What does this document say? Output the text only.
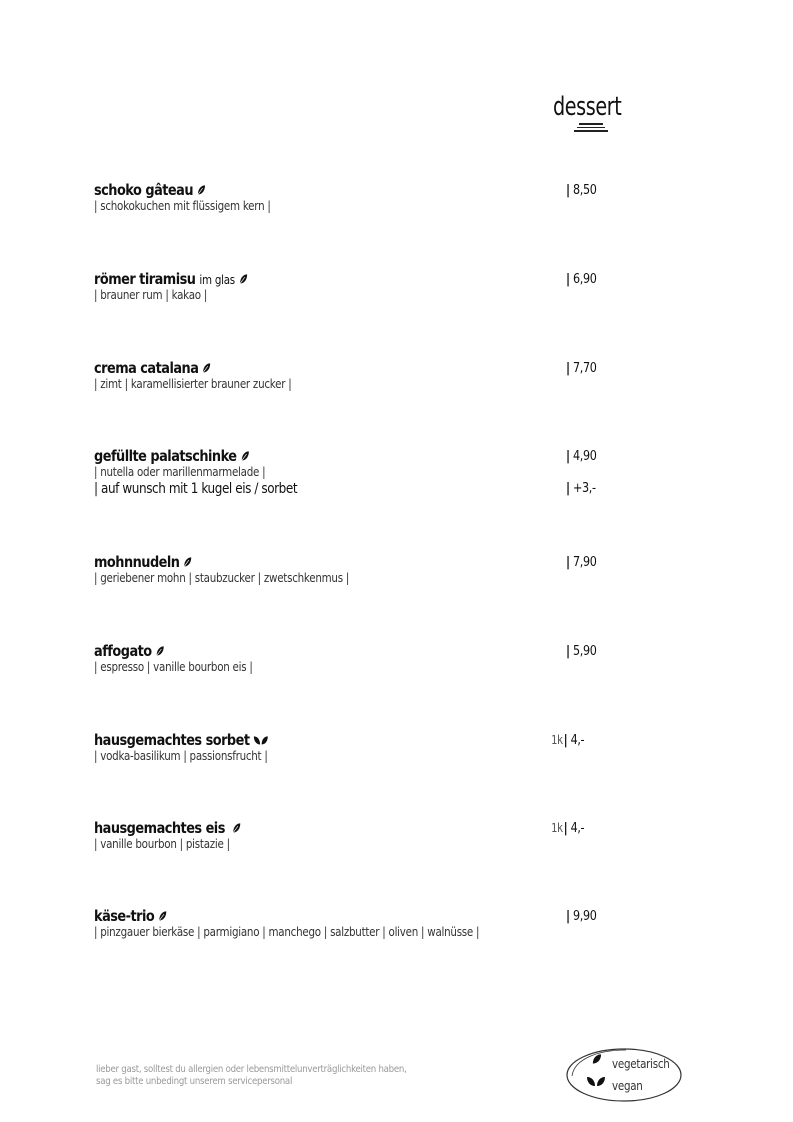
dessert
schoko gâteau
| schokokuchen mit flüssigem kern |
| 8,50
römer tiramisu im glas
| brauner rum | kakao |
| 6,90
crema catalana
| zimt | karamellisierter brauner zucker |
| 7,70
gefüllte palatschinke
| nutella oder marillenmarmelade |
| auf wunsch mit 1 kugel eis / sorbet
| 4,90
| +3,-
mohnnudeln
| geriebener mohn | staubzucker | zwetschkenmus |
| 7,90
affogato
| espresso | vanille bourbon eis |
| 5,90
hausgemachtes sorbet
| vodka-basilikum | passionsfrucht |
1k| 4,-
hausgemachtes eis
| vanille bourbon | pistazie |
1k| 4,-
käse-trio
| pinzgauer bierkäse | parmigiano | manchego | salzbutter | oliven | walnüsse |
| 9,90
lieber gast, solltest du allergien oder lebensmittelunverträglichkeiten haben,
sag es bitte unbedingt unserem servicepersonal
vegetarisch
vegan
